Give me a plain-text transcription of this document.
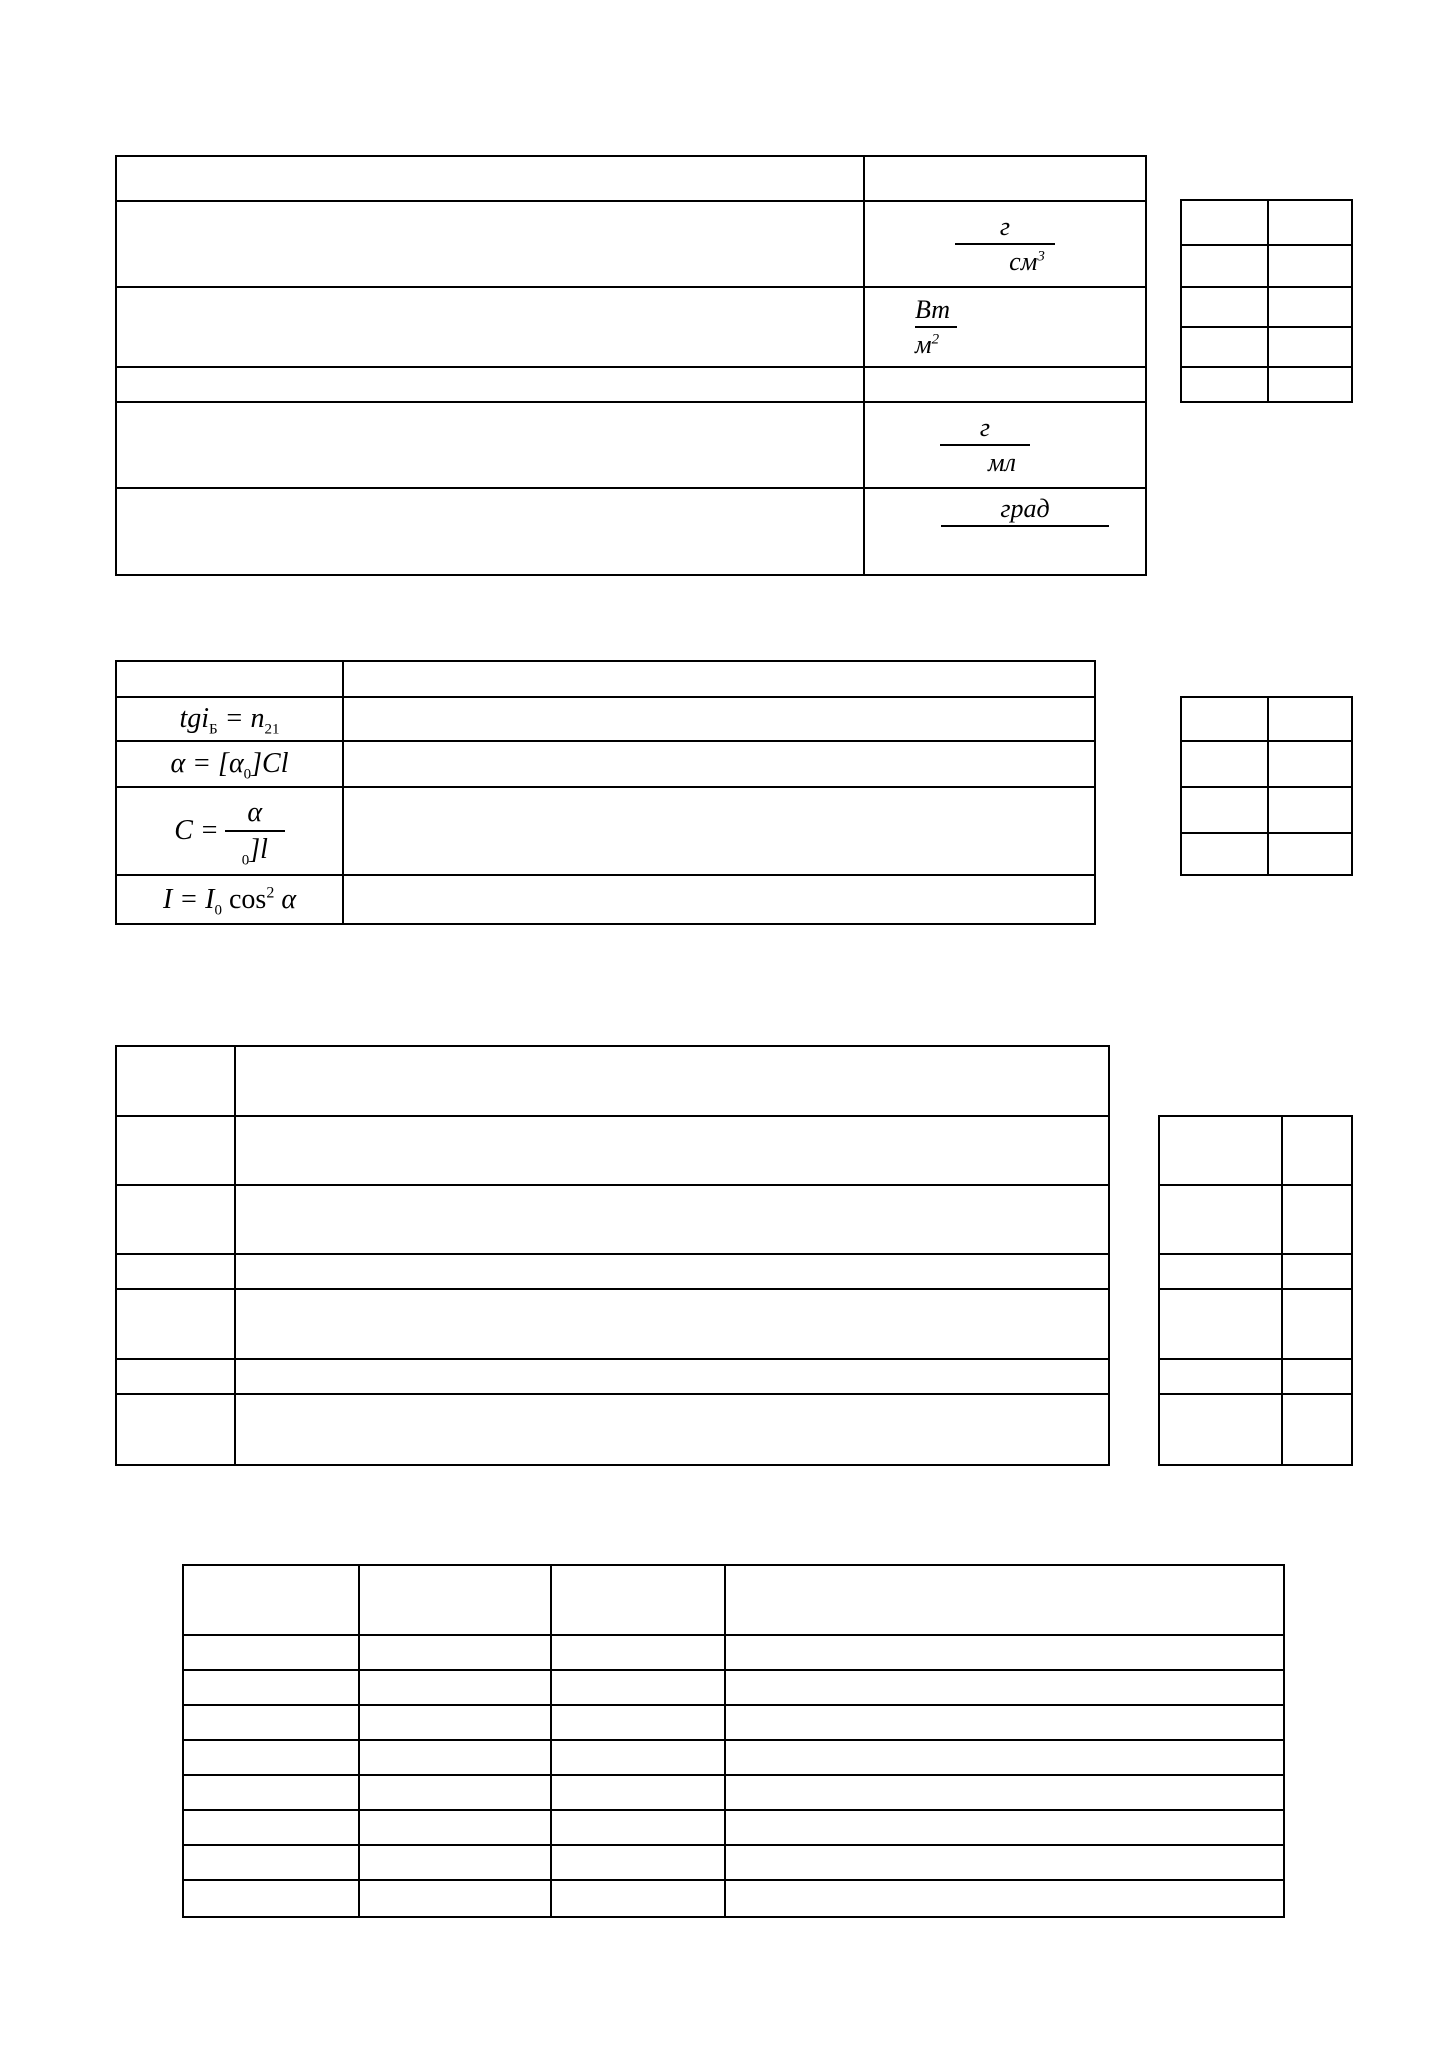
	$\frac{г}{см^3}$

	$\frac{Вт}{м^2}$

	$\frac{г}{мл}$

	град

$tgi_Б = n_{21}$

$\alpha = [\alpha_0]Cl$	

$C = \frac{\alpha}{_0]l}$

$I = I_0$ $\cos^2 \alpha$	
